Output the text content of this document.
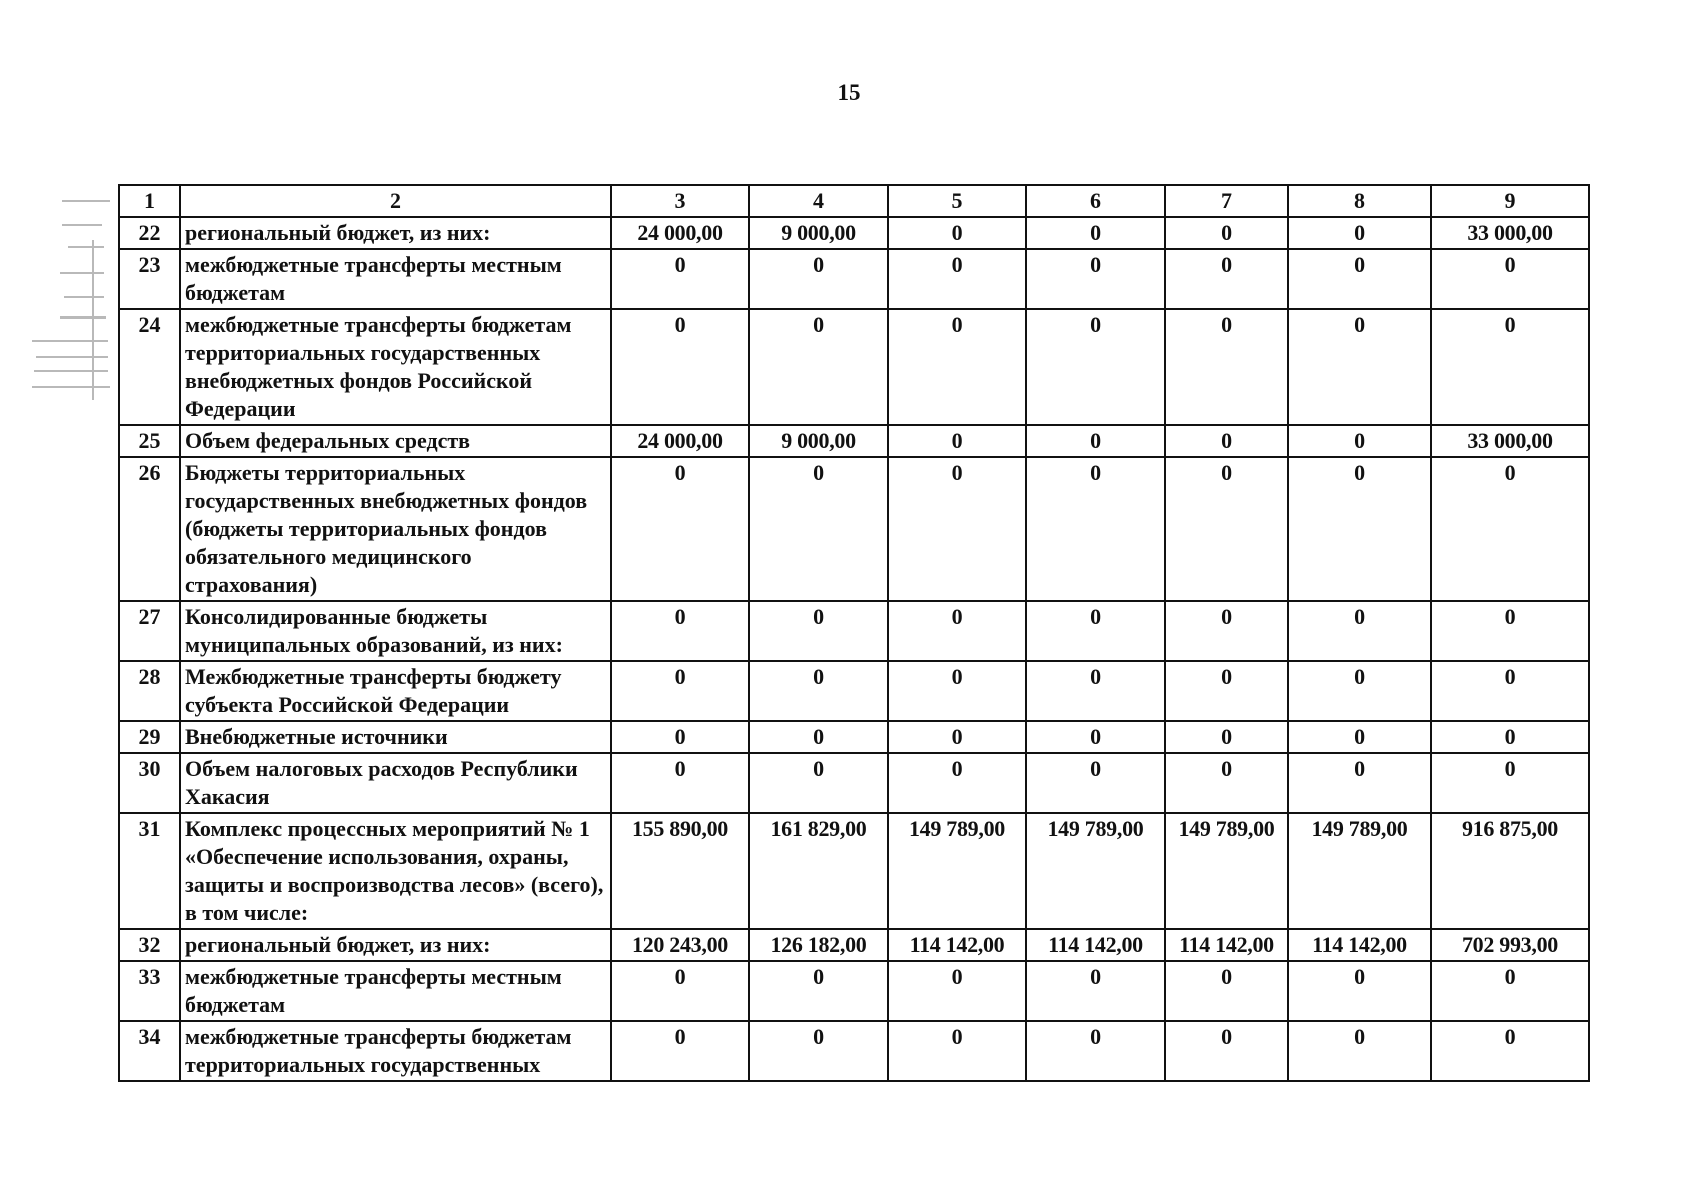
15
1	2	3	4	5	6	7	8	9
22	региональный бюджет, из них:	24 000,00	9 000,00	0	0	0	0	33 000,00
23	межбюджетные трансферты местным бюджетам	0	0	0	0	0	0	0
24	межбюджетные трансферты бюджетам территориальных государственных внебюджетных фондов Российской Федерации	0	0	0	0	0	0	0
25	Объем федеральных средств	24 000,00	9 000,00	0	0	0	0	33 000,00
26	Бюджеты территориальных государственных внебюджетных фондов (бюджеты территориальных фондов обязательного медицинского страхования)	0	0	0	0	0	0	0
27	Консолидированные бюджеты муниципальных образований, из них:	0	0	0	0	0	0	0
28	Межбюджетные трансферты бюджету субъекта Российской Федерации	0	0	0	0	0	0	0
29	Внебюджетные источники	0	0	0	0	0	0	0
30	Объем налоговых расходов Республики Хакасия	0	0	0	0	0	0	0
31	Комплекс процессных мероприятий № 1 «Обеспечение использования, охраны, защиты и воспроизводства лесов» (всего), в том числе:	155 890,00	161 829,00	149 789,00	149 789,00	149 789,00	149 789,00	916 875,00
32	региональный бюджет, из них:	120 243,00	126 182,00	114 142,00	114 142,00	114 142,00	114 142,00	702 993,00
33	межбюджетные трансферты местным бюджетам	0	0	0	0	0	0	0
34	межбюджетные трансферты бюджетам территориальных государственных	0	0	0	0	0	0	0
